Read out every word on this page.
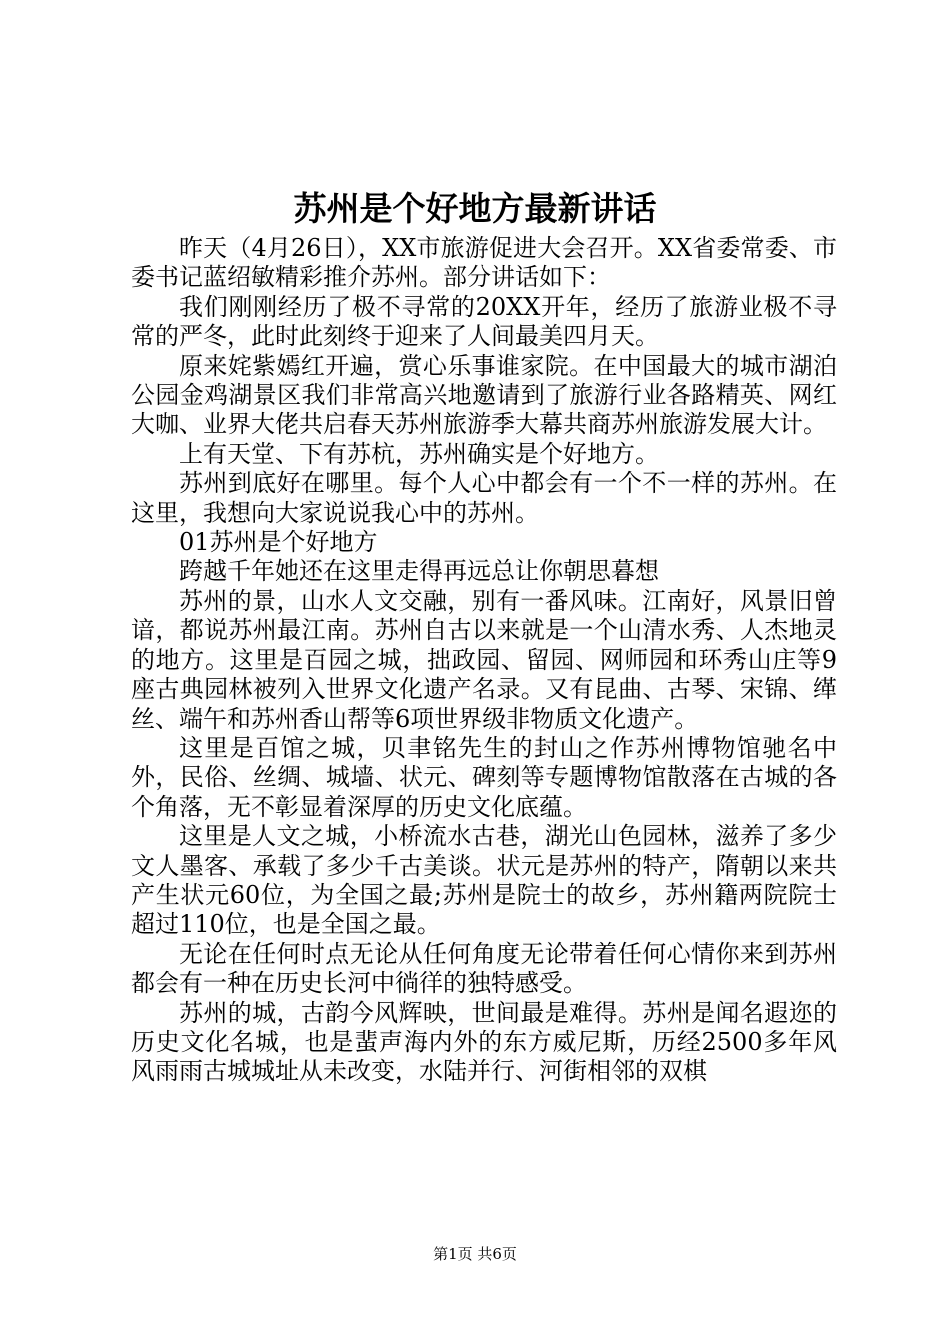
苏州是个好地方最新讲话

昨天（4月26日），XX市旅游促进大会召开。XX省委常委、市委书记蓝绍敏精彩推介苏州。部分讲话如下：

我们刚刚经历了极不寻常的20XX开年，经历了旅游业极不寻常的严冬，此时此刻终于迎来了人间最美四月天。

原来姹紫嫣红开遍，赏心乐事谁家院。在中国最大的城市湖泊公园金鸡湖景区我们非常高兴地邀请到了旅游行业各路精英、网红大咖、业界大佬共启春天苏州旅游季大幕共商苏州旅游发展大计。

上有天堂、下有苏杭，苏州确实是个好地方。

苏州到底好在哪里。每个人心中都会有一个不一样的苏州。在这里，我想向大家说说我心中的苏州。

01苏州是个好地方

跨越千年她还在这里走得再远总让你朝思暮想

苏州的景，山水人文交融，别有一番风味。江南好，风景旧曾谙，都说苏州最江南。苏州自古以来就是一个山清水秀、人杰地灵的地方。这里是百园之城，拙政园、留园、网师园和环秀山庄等9座古典园林被列入世界文化遗产名录。又有昆曲、古琴、宋锦、缂丝、端午和苏州香山帮等6项世界级非物质文化遗产。

这里是百馆之城，贝聿铭先生的封山之作苏州博物馆驰名中外，民俗、丝绸、城墙、状元、碑刻等专题博物馆散落在古城的各个角落，无不彰显着深厚的历史文化底蕴。

这里是人文之城，小桥流水古巷，湖光山色园林，滋养了多少文人墨客、承载了多少千古美谈。状元是苏州的特产，隋朝以来共产生状元60位，为全国之最;苏州是院士的故乡，苏州籍两院院士超过110位，也是全国之最。

无论在任何时点无论从任何角度无论带着任何心情你来到苏州都会有一种在历史长河中徜徉的独特感受。

苏州的城，古韵今风辉映，世间最是难得。苏州是闻名遐迩的历史文化名城，也是蜚声海内外的东方威尼斯，历经2500多年风风雨雨古城城址从未改变，水陆并行、河街相邻的双棋

第1页 共6页
